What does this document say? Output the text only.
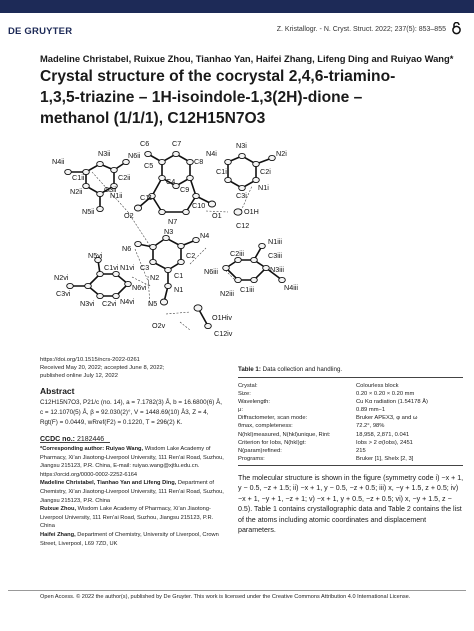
DE GRUYTER	Z. Kristallogr. - N. Cryst. Struct. 2022; 237(5): 853–855
Madeline Christabel, Ruixue Zhou, Tianhao Yan, Haifei Zhang, Lifeng Ding and Ruiyao Wang*
Crystal structure of the cocrystal 2,4,6-triamino-
1,3,5-triazine – 1H-isoindole-1,3(2H)-dione –
methanol (1/1/1), C12H15N7O3
N4ii
N3ii
C1ii	C2ii
C3ii
N2ii	N1ii
N5ii
N6ii
C6	C7
C5	C8
C4
C9
C10
C11
O2
N7
O1
N4i
N3i
N2i
C1i	C2i
N1i
C3i
O1H
C12
N6
N3	N4
C2
C1
C3
N2
N1
N5
N5vi
N2vi
C1vi
C3vi
N1vi
N4vi
N3vi C2vi
N6vi
N1iii
C3iii
N3iii
C2iii
C1iii
N6iii
N2iii
N4iii
O2v
O1Hiv
C12iv
https://doi.org/10.1515/ncrs-2022-0261
Received May 20, 2022; accepted June 8, 2022;
published online July 12, 2022
Abstract
C12H15N7O3, P21/c (no. 14), a = 7.1782(3) Å, b = 16.6800(6) Å,
c = 12.1070(5) Å, β = 92.030(2)°, V = 1448.69(10) Å3, Z = 4,
Rgt(F) = 0.0449, wRref(F2) = 0.1220, T = 296(2) K.
CCDC no.: 2182446

*Corresponding author: Ruiyao Wang, Wisdom Lake Academy of Pharmacy, Xi’an Jiaotong-Liverpool University, 111 Ren’ai Road, Suzhou, Jiangsu 215123, P.R. China, E-mail: ruiyao.wang@xjtlu.edu.cn. https://orcid.org/0000-0002-2252-6164

Madeline Christabel, Tianhao Yan and Lifeng Ding, Department of Chemistry, Xi’an Jiaotong-Liverpool University, 111 Ren’ai Road, Suzhou, Jiangsu 215123, P.R. China

Ruixue Zhou, Wisdom Lake Academy of Pharmacy, Xi’an Jiaotong-Liverpool University, 111 Ren’ai Road, Suzhou, Jiangsu 215123, P.R. China

Haifei Zhang, Department of Chemistry, University of Liverpool, Crown Street, Liverpool, L69 7ZD, UK

Table 1: Data collection and handling.
Crystal:	Colourless block
Size:	0.20 × 0.20 × 0.20 mm
Wavelength:	Cu Kα radiation (1.54178 Å)
μ:	0.89 mm−1
Diffractometer, scan mode:	Bruker APEX3, φ and ω
θmax, completeness:	72.2°, 98%
N(hkl)measured, N(hkl)unique, Rint:	18,958, 2,871, 0.041
Criterion for Iobs, N(hkl)gt:	Iobs > 2 σ(Iobs), 2451
N(param)refined:	215
Programs:	Bruker [1], Shelx [2, 3]
The molecular structure is shown in the figure (symmetry code i) −x + 1, y − 0.5, −z + 1.5; ii) −x + 1, y − 0.5, −z + 0.5; iii) x, −y + 1.5, z + 0.5; iv) −x + 1, −y + 1, −z + 1; v) −x + 1, y + 0.5, −z + 0.5; vi) x, −y + 1.5, z − 0.5). Table 1 contains crystallographic data and Table 2 contains the list of the atoms including atomic coordinates and displacement parameters.
Open Access. © 2022 the author(s), published by De Gruyter. This work is licensed under the Creative Commons Attribution 4.0 International License.
